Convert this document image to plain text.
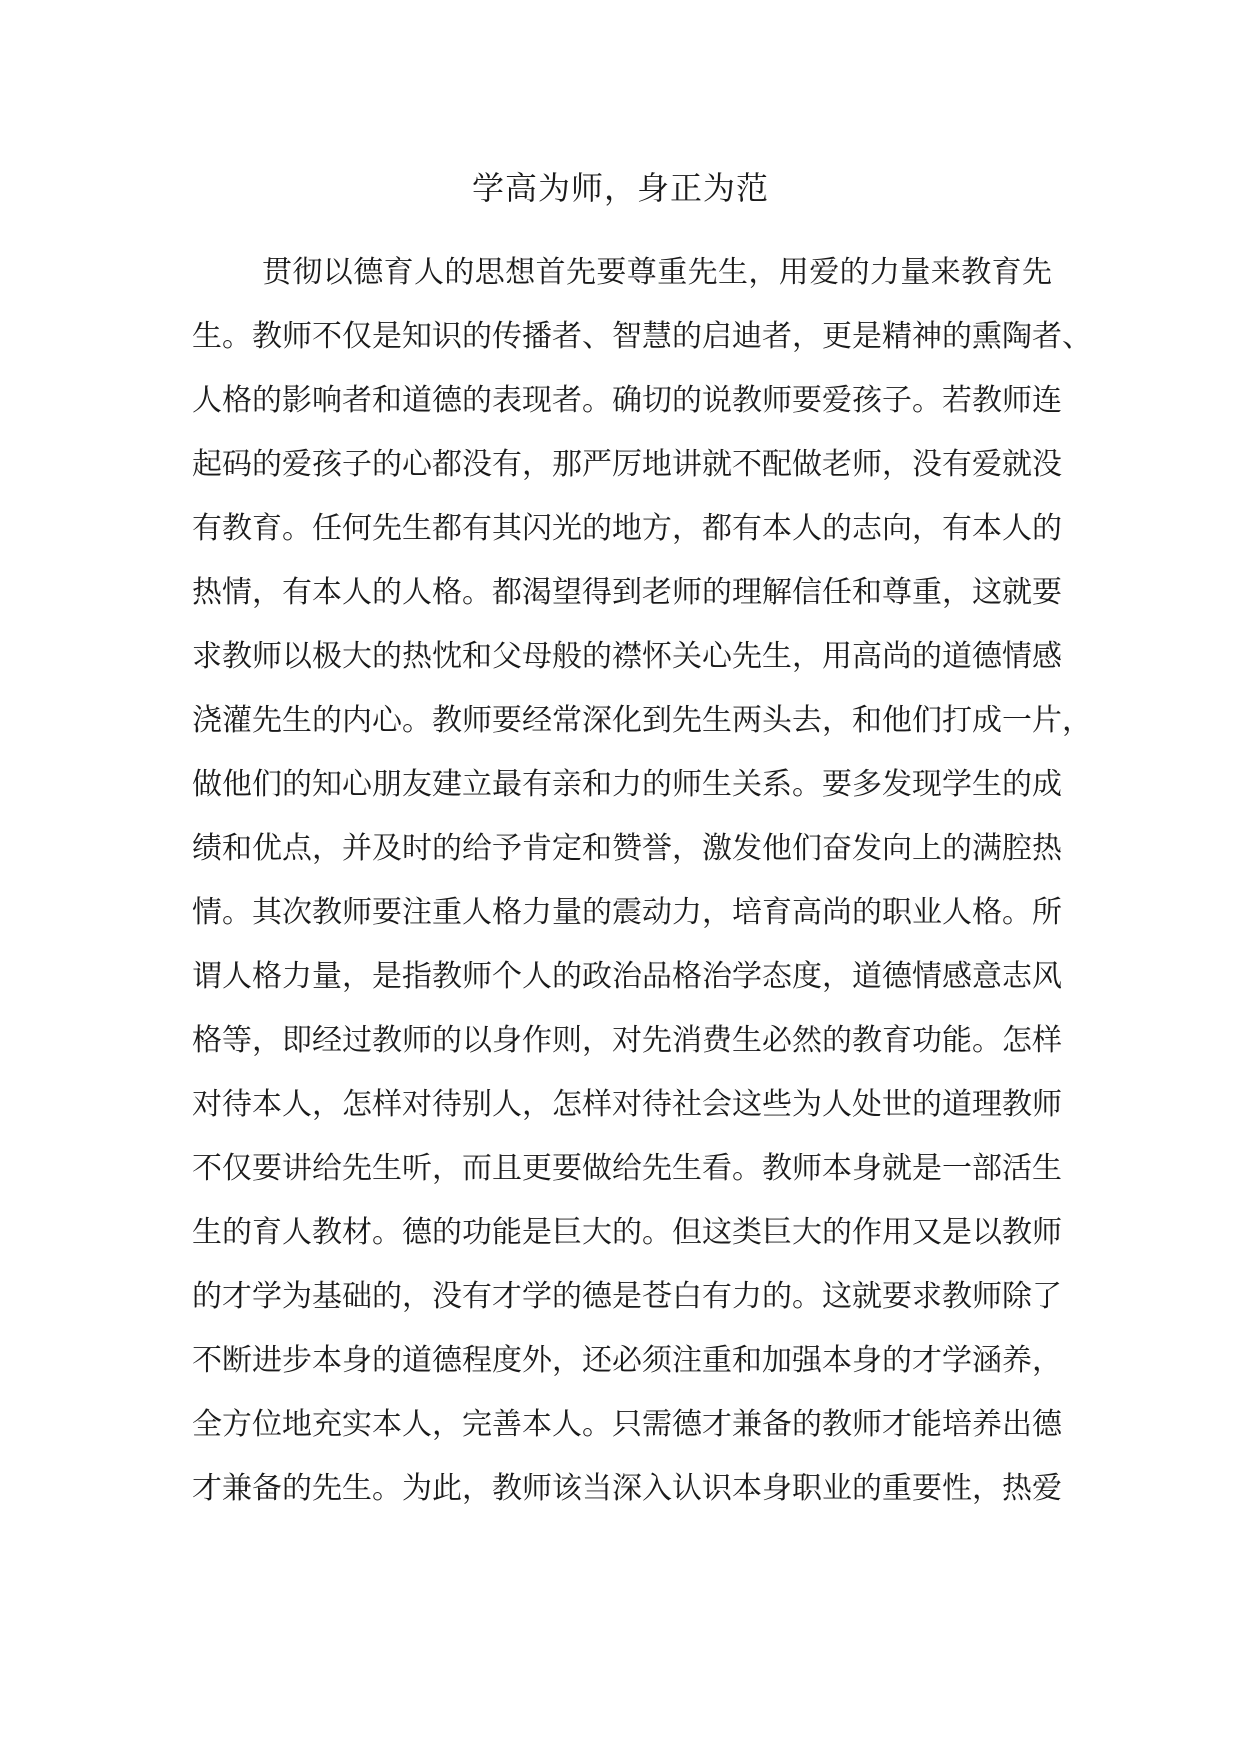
学高为师，身正为范
贯彻以德育人的思想首先要尊重先生，用爱的力量来教育先
生。教师不仅是知识的传播者、智慧的启迪者，更是精神的熏陶者、
人格的影响者和道德的表现者。确切的说教师要爱孩子。若教师连
起码的爱孩子的心都没有，那严厉地讲就不配做老师，没有爱就没
有教育。任何先生都有其闪光的地方，都有本人的志向，有本人的
热情，有本人的人格。都渴望得到老师的理解信任和尊重，这就要
求教师以极大的热忱和父母般的襟怀关心先生，用高尚的道德情感
浇灌先生的内心。教师要经常深化到先生两头去，和他们打成一片，
做他们的知心朋友建立最有亲和力的师生关系。要多发现学生的成
绩和优点，并及时的给予肯定和赞誉，激发他们奋发向上的满腔热
情。其次教师要注重人格力量的震动力，培育高尚的职业人格。所
谓人格力量，是指教师个人的政治品格治学态度，道德情感意志风
格等，即经过教师的以身作则，对先消费生必然的教育功能。怎样
对待本人，怎样对待别人，怎样对待社会这些为人处世的道理教师
不仅要讲给先生听，而且更要做给先生看。教师本身就是一部活生
生的育人教材。德的功能是巨大的。但这类巨大的作用又是以教师
的才学为基础的，没有才学的德是苍白有力的。这就要求教师除了
不断进步本身的道德程度外，还必须注重和加强本身的才学涵养，
全方位地充实本人，完善本人。只需德才兼备的教师才能培养出德
才兼备的先生。为此，教师该当深入认识本身职业的重要性，热爱
